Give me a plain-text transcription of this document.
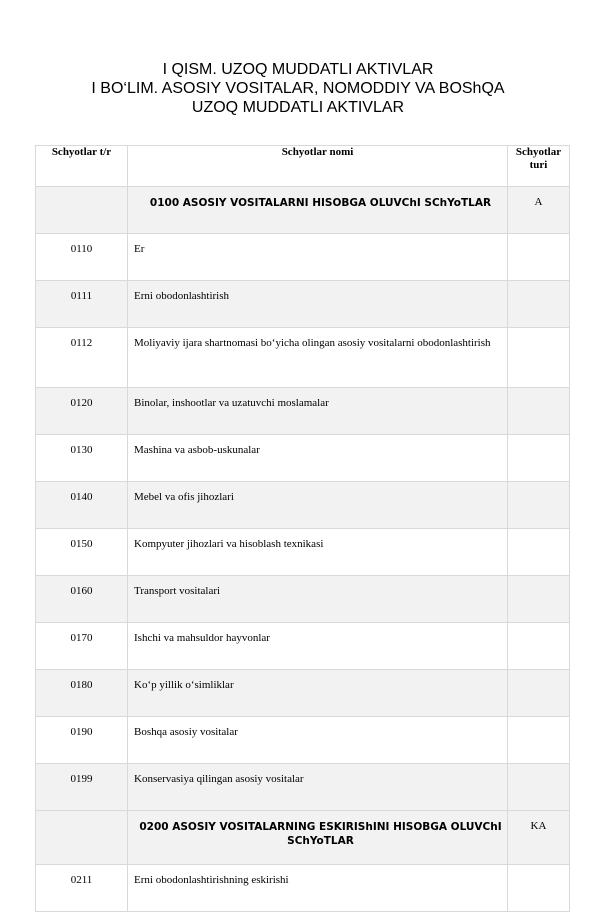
I QISM. UZOQ MUDDATLI AKTIVLAR
I BO‘LIM. ASOSIY VOSITALAR, NOMODDIY VA BOShQA
UZOQ MUDDATLI AKTIVLAR
Schyotlar t/r	Schyotlar nomi	Schyotlar turi
	0100 ASOSIY VOSITALARNI HISOBGA OLUVChI SChYoTLAR	A
0110	Er	
0111	Erni obodonlashtirish	
0112	Moliyaviy ijara shartnomasi bo‘yicha olingan asosiy vositalarni obodonlashtirish	
0120	Binolar, inshootlar va uzatuvchi moslamalar	
0130	Mashina va asbob-uskunalar	
0140	Mebel va ofis jihozlari	
0150	Kompyuter jihozlari va hisoblash texnikasi	
0160	Transport vositalari	
0170	Ishchi va mahsuldor hayvonlar	
0180	Ko‘p yillik o‘simliklar	
0190	Boshqa asosiy vositalar	
0199	Konservasiya qilingan asosiy vositalar	
	0200 ASOSIY VOSITALARNING ESKIRIShINI HISOBGA OLUVChI SChYoTLAR	KA
0211	Erni obodonlashtirishning eskirishi	
